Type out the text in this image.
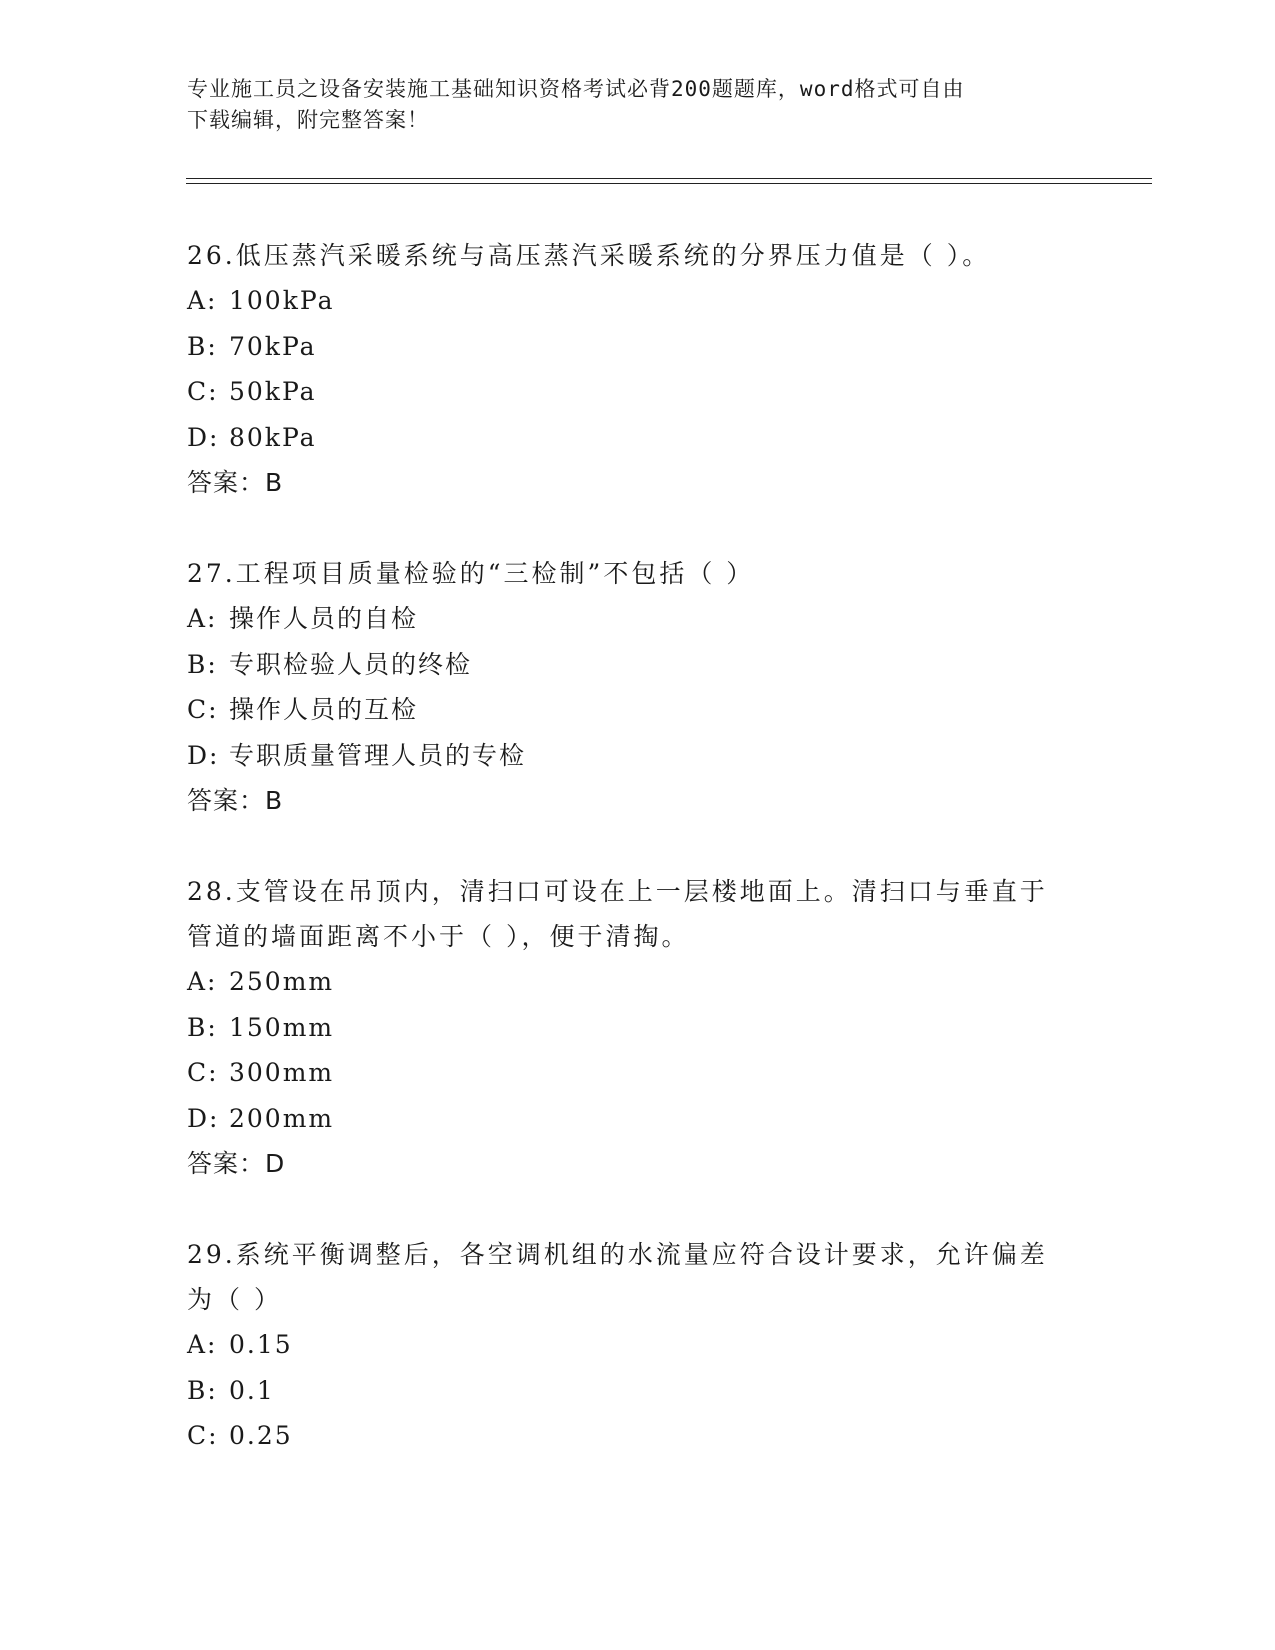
专业施工员之设备安装施工基础知识资格考试必背200题题库，word格式可自由
下载编辑，附完整答案！

26.低压蒸汽采暖系统与高压蒸汽采暖系统的分界压力值是（ ）。

A: 100kPa

B: 70kPa

C: 50kPa

D: 80kPa

答案：B

27.工程项目质量检验的“三检制”不包括（ ）

A: 操作人员的自检

B: 专职检验人员的终检

C: 操作人员的互检

D: 专职质量管理人员的专检

答案：B

28.支管设在吊顶内，清扫口可设在上一层楼地面上。清扫口与垂直于

管道的墙面距离不小于（ ），便于清掏。

A: 250mm

B: 150mm

C: 300mm

D: 200mm

答案：D

29.系统平衡调整后，各空调机组的水流量应符合设计要求，允许偏差

为（ ）

A: 0.15

B: 0.1

C: 0.25
